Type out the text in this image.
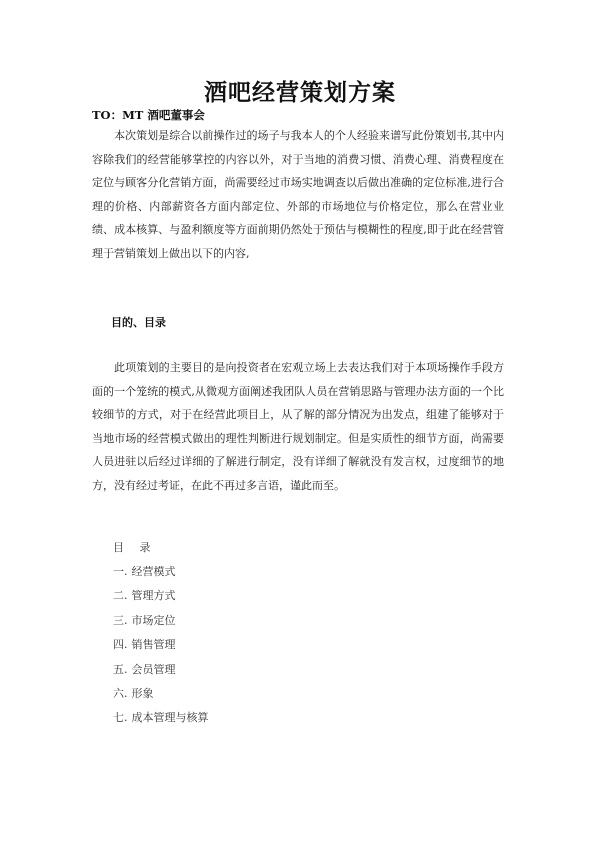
酒吧经营策划方案
TO：MT 酒吧董事会

本次策划是综合以前操作过的场子与我本人的个人经验来谱写此份策划书,其中内容除我们的经营能够掌控的内容以外，对于当地的消费习惯、消费心理、消费程度在定位与顾客分化营销方面，尚需要经过市场实地调查以后做出准确的定位标准,进行合理的价格、内部薪资各方面内部定位、外部的市场地位与价格定位，那么在营业业绩、成本核算、与盈利额度等方面前期仍然处于预估与模糊性的程度,即于此在经营管理于营销策划上做出以下的内容,

目的、目录

此项策划的主要目的是向投资者在宏观立场上去表达我们对于本项场操作手段方面的一个笼统的模式,从微观方面阐述我团队人员在营销思路与管理办法方面的一个比较细节的方式，对于在经营此项目上，从了解的部分情况为出发点，组建了能够对于当地市场的经营模式做出的理性判断进行规划制定。但是实质性的细节方面，尚需要人员进驻以后经过详细的了解进行制定，没有详细了解就没有发言权，过度细节的地方，没有经过考证，在此不再过多言语，谨此而至。

目 录
一. 经营模式
二. 管理方式
三. 市场定位
四. 销售管理
五. 会员管理
六. 形象
七. 成本管理与核算
